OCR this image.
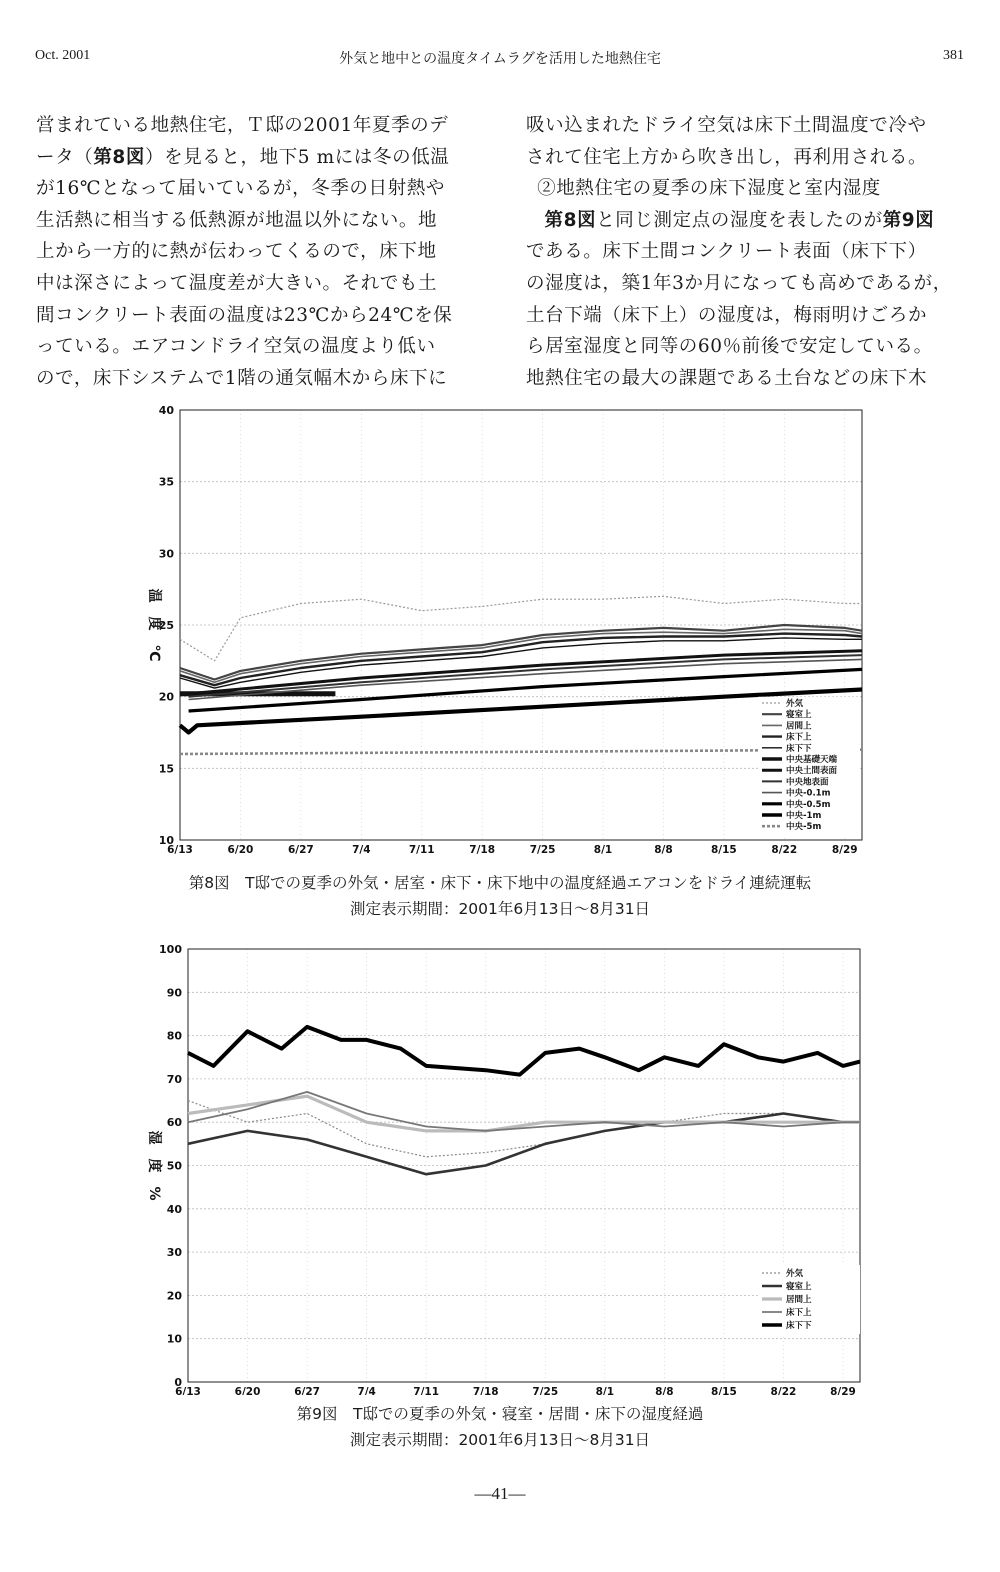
Oct. 2001	外気と地中との温度タイムラグを活用した地熱住宅	381

営まれている地熱住宅，Ｔ邸の2001年夏季のデ

ータ（第8図）を見ると，地下5 mには冬の低温

が16℃となって届いているが，冬季の日射熱や

生活熱に相当する低熱源が地温以外にない。地

上から一方的に熱が伝わってくるので，床下地

中は深さによって温度差が大きい。それでも土

間コンクリート表面の温度は23℃から24℃を保

っている。エアコンドライ空気の温度より低い

ので，床下システムで1階の通気幅木から床下に

吸い込まれたドライ空気は床下土間温度で冷や

されて住宅上方から吹き出し，再利用される。

②地熱住宅の夏季の床下湿度と室内湿度

第8図と同じ測定点の湿度を表したのが第9図

である。床下土間コンクリート表面（床下下）

の湿度は，築1年3か月になっても高めであるが，

土台下端（床下上）の湿度は，梅雨明けごろか

ら居室湿度と同等の60％前後で安定している。

地熱住宅の最大の課題である土台などの床下木

10
15
20
25
30
35
40
6/13	6/20	6/27	7/4	7/11	7/18	7/25	8/1	8/8	8/15	8/22	8/29
温　度　℃
外気
寝室上
居間上
床下上
床下下
中央基礎天端
中央土間表面
中央地表面
中央-0.1m
中央-0.5m
中央-1m
中央-5m
第8図　T邸での夏季の外気・居室・床下・床下地中の温度経過エアコンをドライ連続運転
測定表示期間：2001年6月13日〜8月31日
0
10
20
30
40
50
60
70
80
90
100
6/13	6/20	6/27	7/4	7/11	7/18	7/25	8/1	8/8	8/15	8/22	8/29
湿　度　%
外気
寝室上
居間上
床下上
床下下
第9図　T邸での夏季の外気・寝室・居間・床下の湿度経過
測定表示期間：2001年6月13日〜8月31日
—41—
